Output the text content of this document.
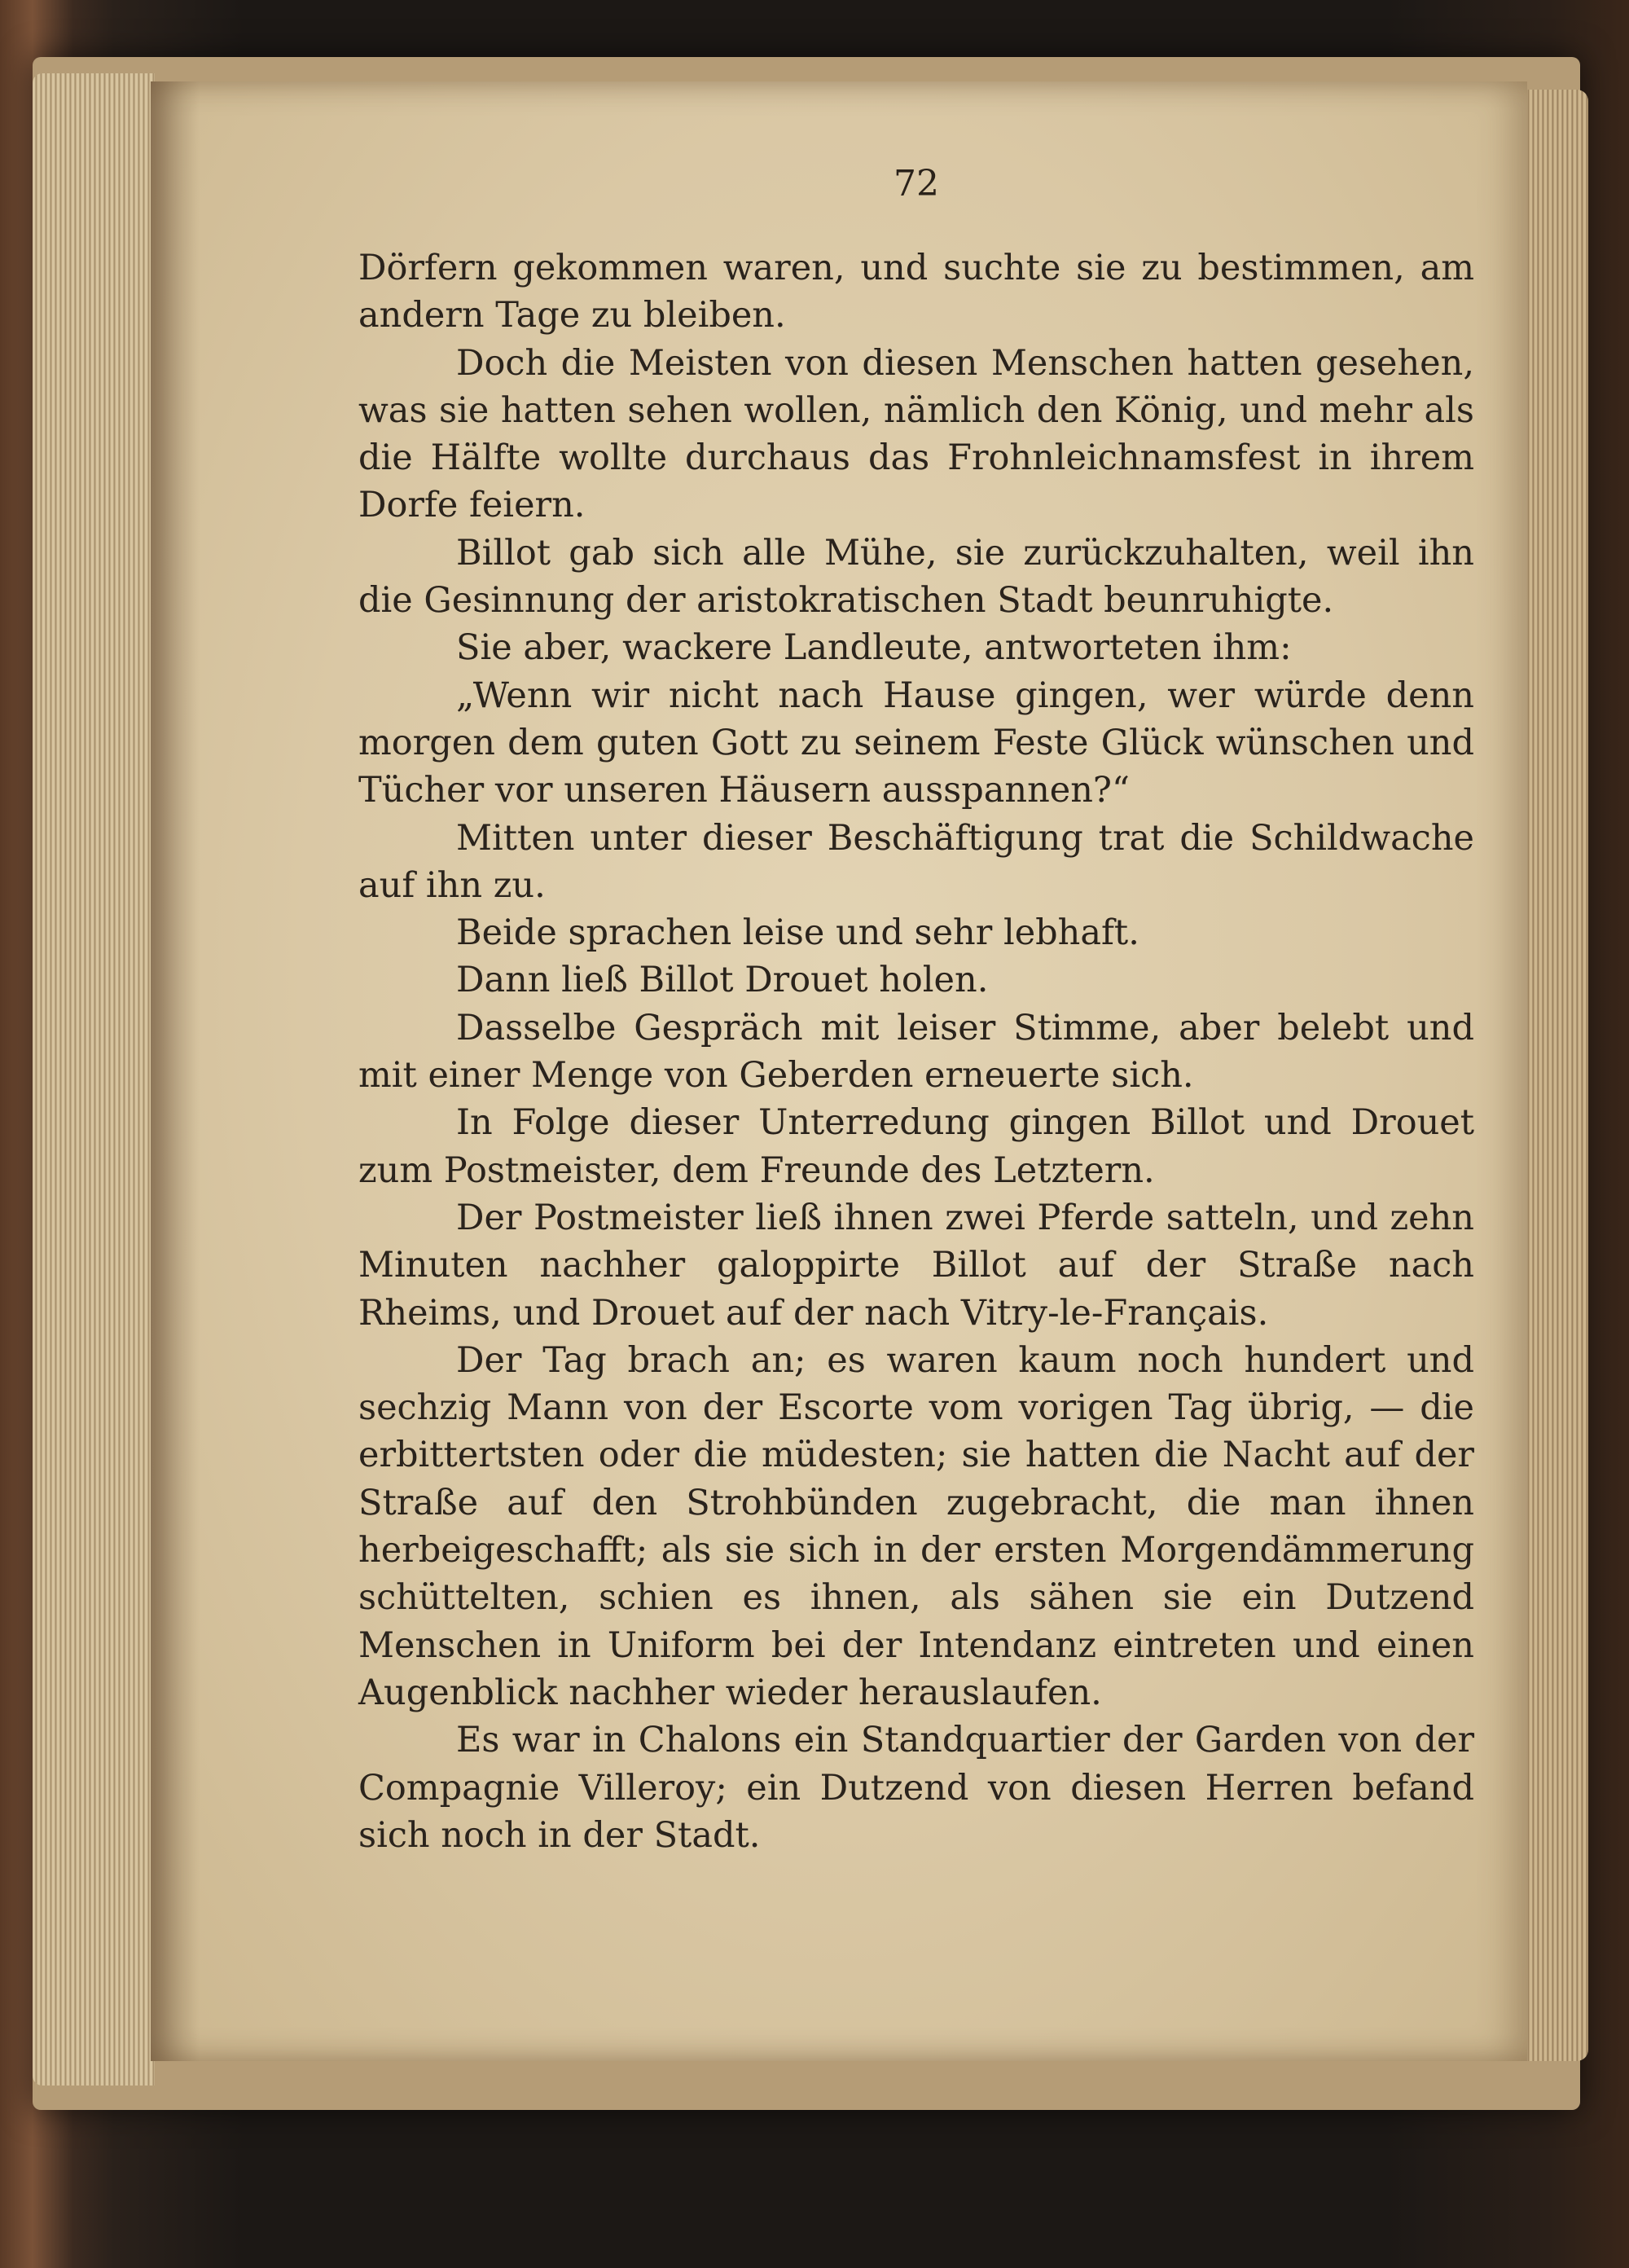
72

Dörfern gekommen waren, und suchte sie zu bestimmen, am andern Tage zu bleiben.

Doch die Meisten von diesen Menschen hatten gesehen, was sie hatten sehen wollen, nämlich den König, und mehr als die Hälfte wollte durchaus das Frohnleichnamsfest in ihrem Dorfe feiern.

Billot gab sich alle Mühe, sie zurückzuhalten, weil ihn die Gesinnung der aristokratischen Stadt beunruhigte.

Sie aber, wackere Landleute, antworteten ihm:

„Wenn wir nicht nach Hause gingen, wer würde denn morgen dem guten Gott zu seinem Feste Glück wünschen und Tücher vor unseren Häusern ausspannen?“

Mitten unter dieser Beschäftigung trat die Schildwache auf ihn zu.

Beide sprachen leise und sehr lebhaft.

Dann ließ Billot Drouet holen.

Dasselbe Gespräch mit leiser Stimme, aber belebt und mit einer Menge von Geberden erneuerte sich.

In Folge dieser Unterredung gingen Billot und Drouet zum Postmeister, dem Freunde des Letztern.

Der Postmeister ließ ihnen zwei Pferde satteln, und zehn Minuten nachher galoppirte Billot auf der Straße nach Rheims, und Drouet auf der nach Vitry-le-Français.

Der Tag brach an; es waren kaum noch hundert und sechzig Mann von der Escorte vom vorigen Tag übrig, — die erbittertsten oder die müdesten; sie hatten die Nacht auf der Straße auf den Strohbünden zugebracht, die man ihnen herbeigeschafft; als sie sich in der ersten Morgendämmerung schüttelten, schien es ihnen, als sähen sie ein Dutzend Menschen in Uniform bei der Intendanz eintreten und einen Augenblick nachher wieder herauslaufen.

Es war in Chalons ein Standquartier der Garden von der Compagnie Villeroy; ein Dutzend von diesen Herren befand sich noch in der Stadt.
